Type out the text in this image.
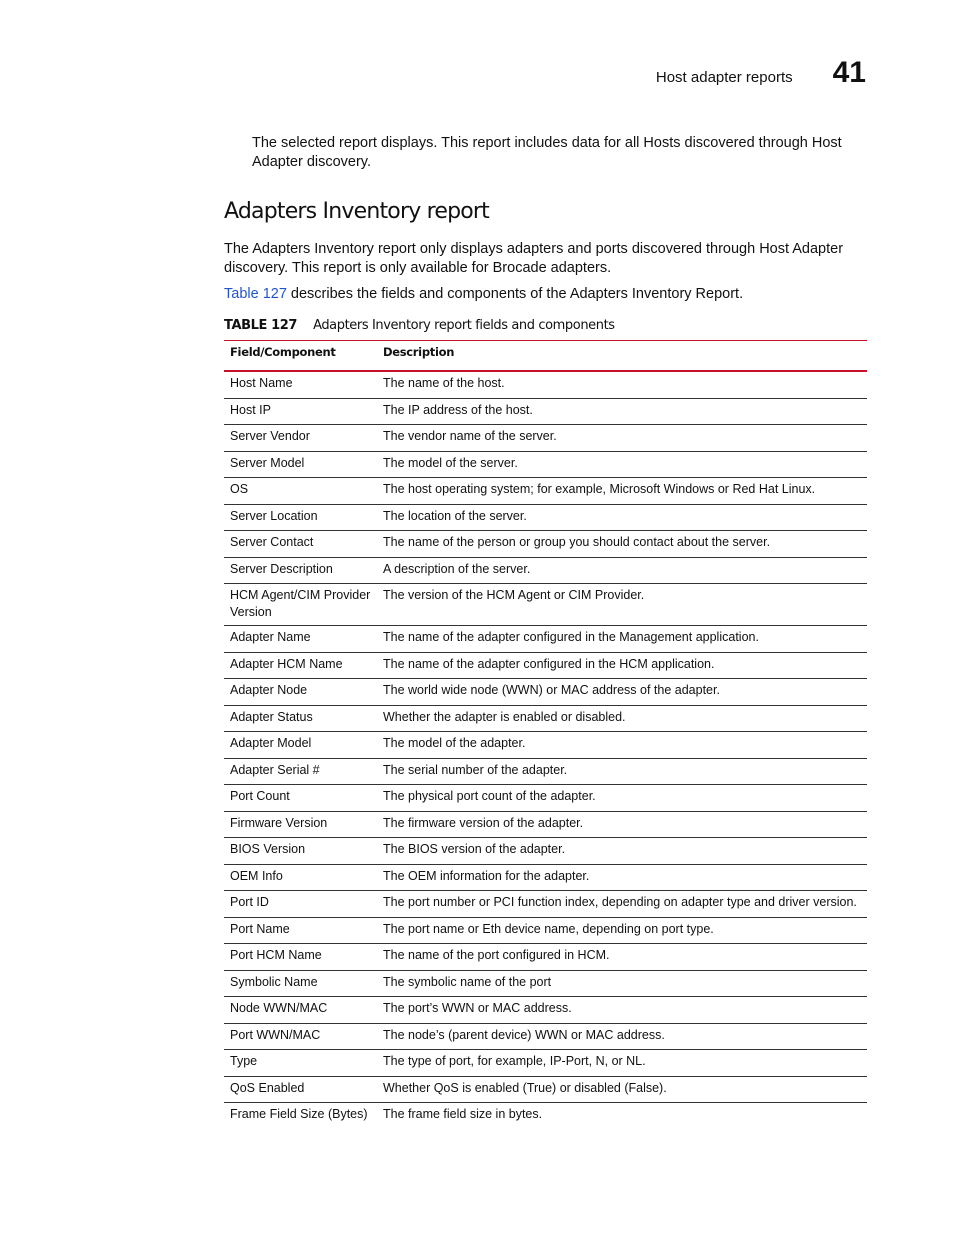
Host adapter reports 41

The selected report displays. This report includes data for all Hosts discovered through Host Adapter discovery.

Adapters Inventory report

The Adapters Inventory report only displays adapters and ports discovered through Host Adapter discovery. This report is only available for Brocade adapters.

Table 127 describes the fields and components of the Adapters Inventory Report.

TABLE 127 Adapters Inventory report fields and components
Field/Component	Description
Host Name	The name of the host.
Host IP	The IP address of the host.
Server Vendor	The vendor name of the server.
Server Model	The model of the server.
OS	The host operating system; for example, Microsoft Windows or Red Hat Linux.
Server Location	The location of the server.
Server Contact	The name of the person or group you should contact about the server.
Server Description	A description of the server.
HCM Agent/CIM Provider Version	The version of the HCM Agent or CIM Provider.
Adapter Name	The name of the adapter configured in the Management application.
Adapter HCM Name	The name of the adapter configured in the HCM application.
Adapter Node	The world wide node (WWN) or MAC address of the adapter.
Adapter Status	Whether the adapter is enabled or disabled.
Adapter Model	The model of the adapter.
Adapter Serial #	The serial number of the adapter.
Port Count	The physical port count of the adapter.
Firmware Version	The firmware version of the adapter.
BIOS Version	The BIOS version of the adapter.
OEM Info	The OEM information for the adapter.
Port ID	The port number or PCI function index, depending on adapter type and driver version.
Port Name	The port name or Eth device name, depending on port type.
Port HCM Name	The name of the port configured in HCM.
Symbolic Name	The symbolic name of the port
Node WWN/MAC	The port’s WWN or MAC address.
Port WWN/MAC	The node’s (parent device) WWN or MAC address.
Type	The type of port, for example, IP-Port, N, or NL.
QoS Enabled	Whether QoS is enabled (True) or disabled (False).
Frame Field Size (Bytes)	The frame field size in bytes.
